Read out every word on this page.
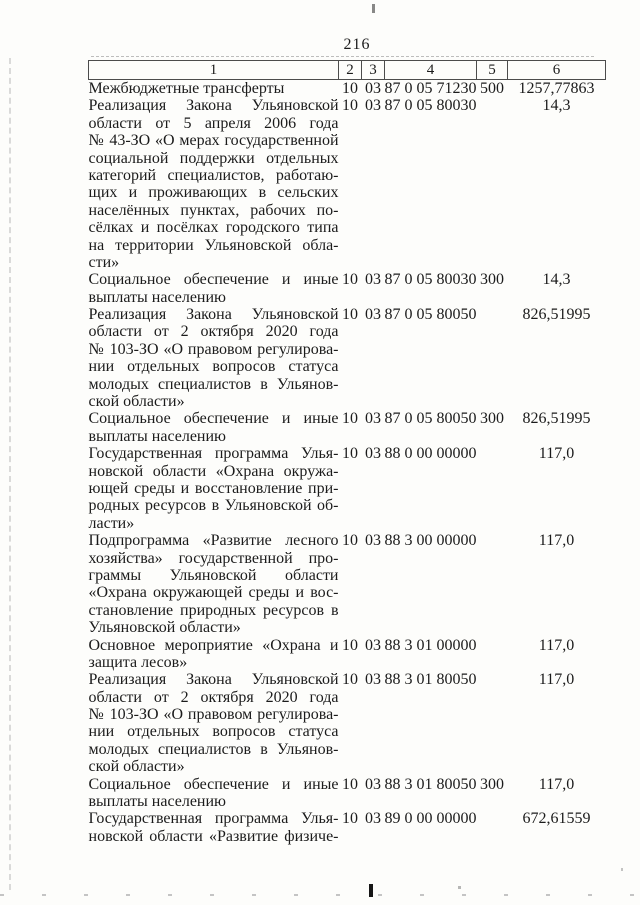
216
1	2	3	4	5	6

Межбюджетные трансферты	10	03	87 0 05 71230	500	1257,77863

Реализация Закона Ульяновской
области от 5 апреля 2006 года
№ 43-ЗО «О мерах государственной
социальной поддержки отдельных
категорий специалистов, работаю-
щих и проживающих в сельских
населённых пунктах, рабочих по-
сёлках и посёлках городского типа
на территории Ульяновской обла-
сти»
	10	03	87 0 05 80030		14,3

Социальное обеспечение и иные
выплаты населению	10	03	87 0 05 80030	300	14,3

Реализация Закона Ульяновской
области от 2 октября 2020 года
№ 103-ЗО «О правовом регулирова-
нии отдельных вопросов статуса
молодых специалистов в Ульянов-
ской области»
	10	03	87 0 05 80050		826,51995

Социальное обеспечение и иные
выплаты населению	10	03	87 0 05 80050	300	826,51995

Государственная программа Улья-
новской области «Охрана окружа-
ющей среды и восстановление при-
родных ресурсов в Ульяновской об-
ласти»	10	03	88 0 00 00000		117,0

Подпрограмма «Развитие лесного
хозяйства» государственной про-
граммы Ульяновской области
«Охрана окружающей среды и вос-
становление природных ресурсов в
Ульяновской области»
	10	03	88 3 00 00000		117,0

Основное мероприятие «Охрана и
защита лесов»	10	03	88 3 01 00000		117,0

Реализация Закона Ульяновской
области от 2 октября 2020 года
№ 103-ЗО «О правовом регулирова-
нии отдельных вопросов статуса
молодых специалистов в Ульянов-
ской области»
	10	03	88 3 01 80050		117,0

Социальное обеспечение и иные
выплаты населению	10	03	88 3 01 80050	300	117,0

Государственная программа Улья-
новской области «Развитие физиче-	10	03	89 0 00 00000		672,61559
